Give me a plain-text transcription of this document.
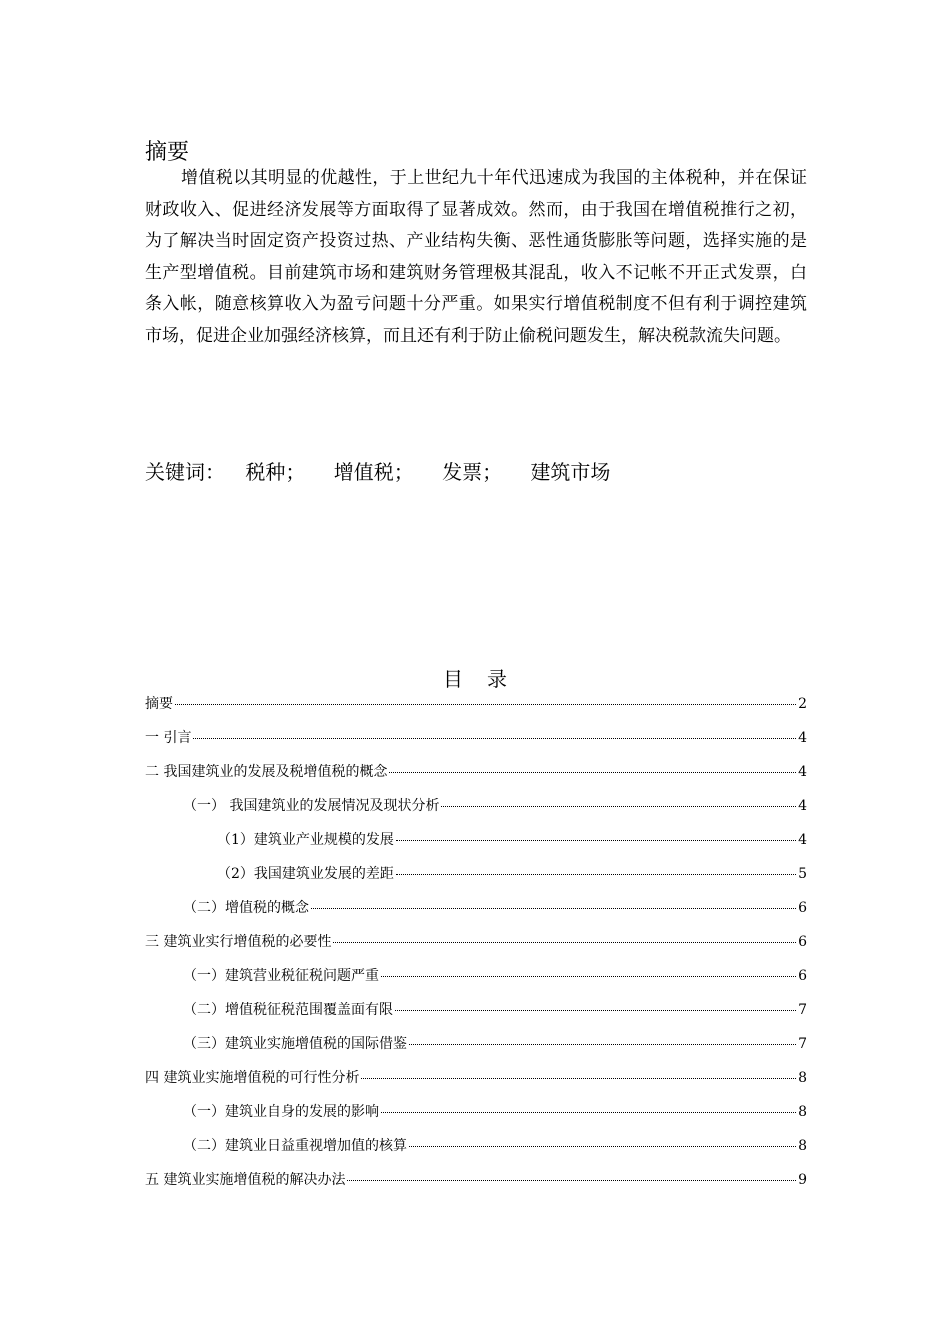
摘要

增值税以其明显的优越性，于上世纪九十年代迅速成为我国的主体税种，并在保证财政收入、促进经济发展等方面取得了显著成效。然而，由于我国在增值税推行之初，为了解决当时固定资产投资过热、产业结构失衡、恶性通货膨胀等问题，选择实施的是生产型增值税。目前建筑市场和建筑财务管理极其混乱，收入不记帐不开正式发票，白条入帐，随意核算收入为盈亏问题十分严重。如果实行增值税制度不但有利于调控建筑市场，促进企业加强经济核算，而且还有利于防止偷税问题发生，解决税款流失问题。

关键词： 税种； 增值税； 发票； 建筑市场
目录
摘要	2
一 引言	4
二 我国建筑业的发展及税增值税的概念	4
（一） 我国建筑业的发展情况及现状分析	4
（1）建筑业产业规模的发展	4
（2）我国建筑业发展的差距	5
（二）增值税的概念	6
三 建筑业实行增值税的必要性	6
（一）建筑营业税征税问题严重	6
（二）增值税征税范围覆盖面有限	7
（三）建筑业实施增值税的国际借鉴	7
四 建筑业实施增值税的可行性分析	8
（一）建筑业自身的发展的影响	8
（二）建筑业日益重视增加值的核算	8
五 建筑业实施增值税的解决办法	9
